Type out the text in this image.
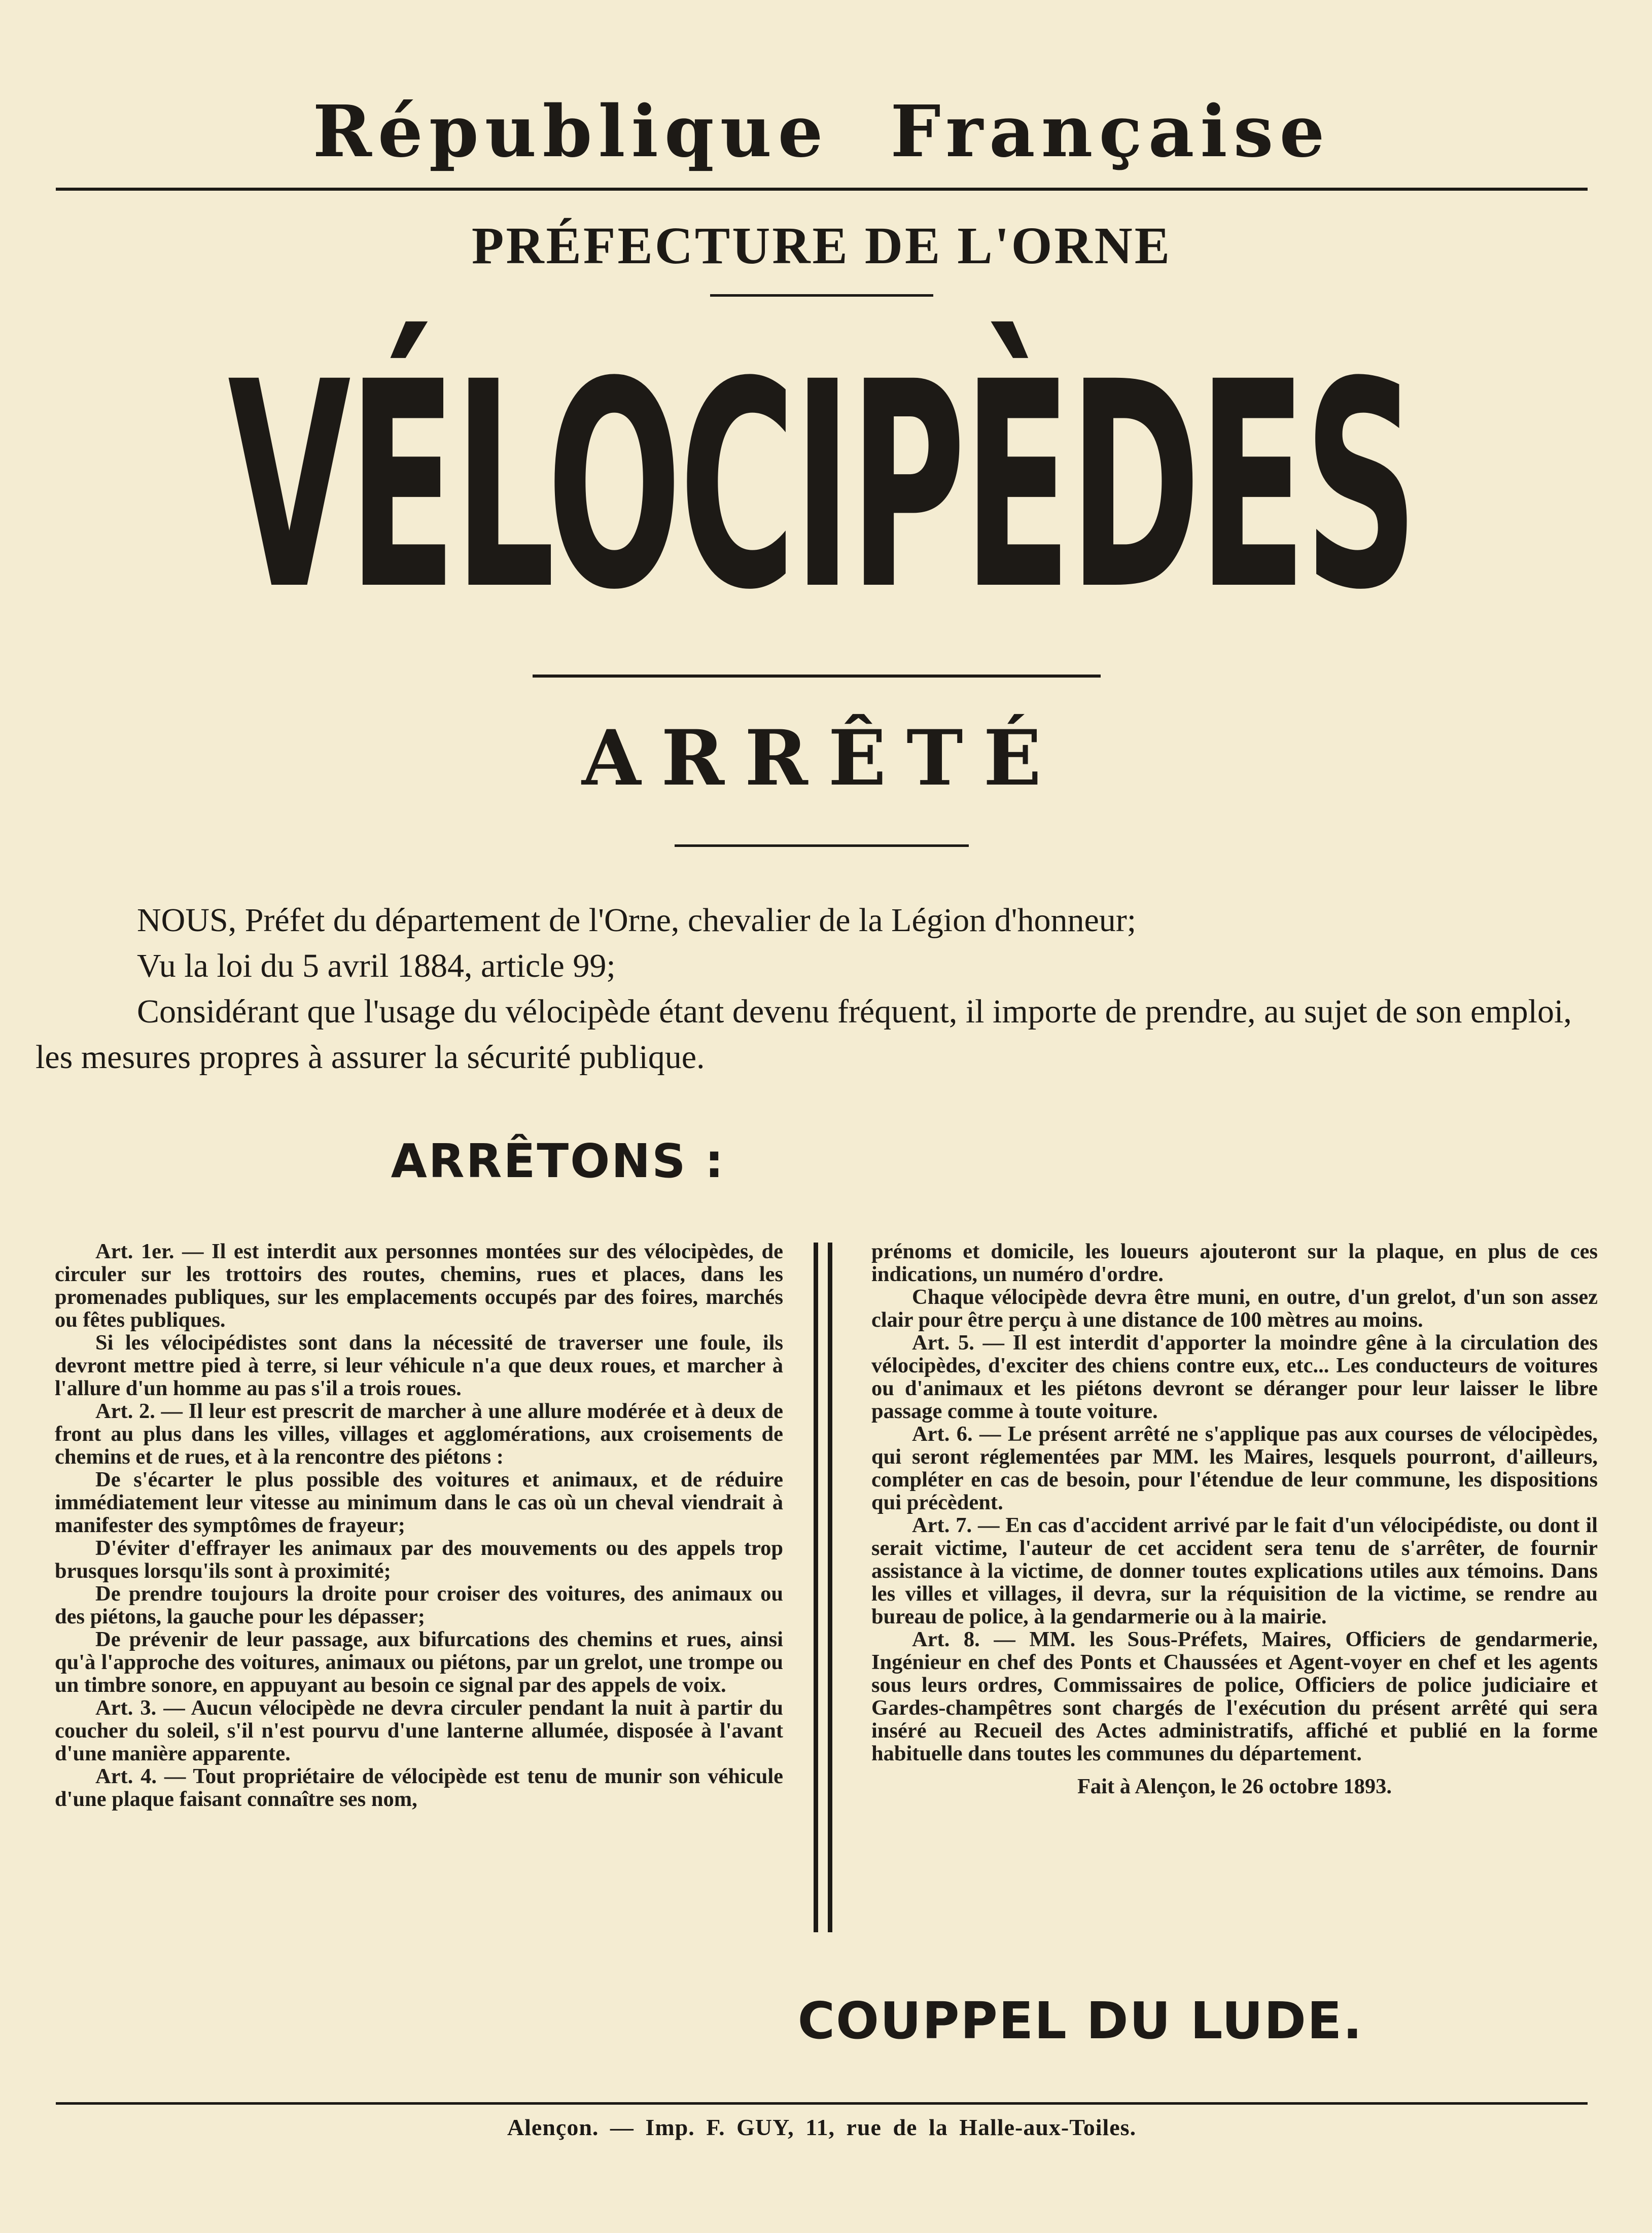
République Française
PRÉFECTURE DE L'ORNE
VÉLOCIPÈDES
ARRÊTÉ

NOUS, Préfet du département de l'Orne, chevalier de la Légion d'honneur;

Vu la loi du 5 avril 1884, article 99;

Considérant que l'usage du vélocipède étant devenu fréquent, il importe de prendre, au sujet de son emploi, les mesures propres à assurer la sécurité publique.

ARRÊTONS :

Art. 1er. — Il est interdit aux personnes montées sur des vélocipèdes, de circuler sur les trottoirs des routes, chemins, rues et places, dans les promenades publiques, sur les emplacements occupés par des foires, marchés ou fêtes publiques.

Si les vélocipédistes sont dans la nécessité de traverser une foule, ils devront mettre pied à terre, si leur véhicule n'a que deux roues, et marcher à l'allure d'un homme au pas s'il a trois roues.

Art. 2. — Il leur est prescrit de marcher à une allure modérée et à deux de front au plus dans les villes, villages et agglomérations, aux croisements de chemins et de rues, et à la rencontre des piétons :

De s'écarter le plus possible des voitures et animaux, et de réduire immédiatement leur vitesse au minimum dans le cas où un cheval viendrait à manifester des symptômes de frayeur;

D'éviter d'effrayer les animaux par des mouvements ou des appels trop brusques lorsqu'ils sont à proximité;

De prendre toujours la droite pour croiser des voitures, des animaux ou des piétons, la gauche pour les dépasser;

De prévenir de leur passage, aux bifurcations des chemins et rues, ainsi qu'à l'approche des voitures, animaux ou piétons, par un grelot, une trompe ou un timbre sonore, en appuyant au besoin ce signal par des appels de voix.

Art. 3. — Aucun vélocipède ne devra circuler pendant la nuit à partir du coucher du soleil, s'il n'est pourvu d'une lanterne allumée, disposée à l'avant d'une manière apparente.

Art. 4. — Tout propriétaire de vélocipède est tenu de munir son véhicule d'une plaque faisant connaître ses nom,

prénoms et domicile, les loueurs ajouteront sur la plaque, en plus de ces indications, un numéro d'ordre.

Chaque vélocipède devra être muni, en outre, d'un grelot, d'un son assez clair pour être perçu à une distance de 100 mètres au moins.

Art. 5. — Il est interdit d'apporter la moindre gêne à la circulation des vélocipèdes, d'exciter des chiens contre eux, etc... Les conducteurs de voitures ou d'animaux et les piétons devront se déranger pour leur laisser le libre passage comme à toute voiture.

Art. 6. — Le présent arrêté ne s'applique pas aux courses de vélocipèdes, qui seront réglementées par MM. les Maires, lesquels pourront, d'ailleurs, compléter en cas de besoin, pour l'étendue de leur commune, les dispositions qui précèdent.

Art. 7. — En cas d'accident arrivé par le fait d'un vélocipédiste, ou dont il serait victime, l'auteur de cet accident sera tenu de s'arrêter, de fournir assistance à la victime, de donner toutes explications utiles aux témoins. Dans les villes et villages, il devra, sur la réquisition de la victime, se rendre au bureau de police, à la gendarmerie ou à la mairie.

Art. 8. — MM. les Sous-Préfets, Maires, Officiers de gendarmerie, Ingénieur en chef des Ponts et Chaussées et Agent-voyer en chef et les agents sous leurs ordres, Commissaires de police, Officiers de police judiciaire et Gardes-champêtres sont chargés de l'exécution du présent arrêté qui sera inséré au Recueil des Actes administratifs, affiché et publié en la forme habituelle dans toutes les communes du département.

Fait à Alençon, le 26 octobre 1893.

COUPPEL DU LUDE.
Alençon. — Imp. F. GUY, 11, rue de la Halle-aux-Toiles.
